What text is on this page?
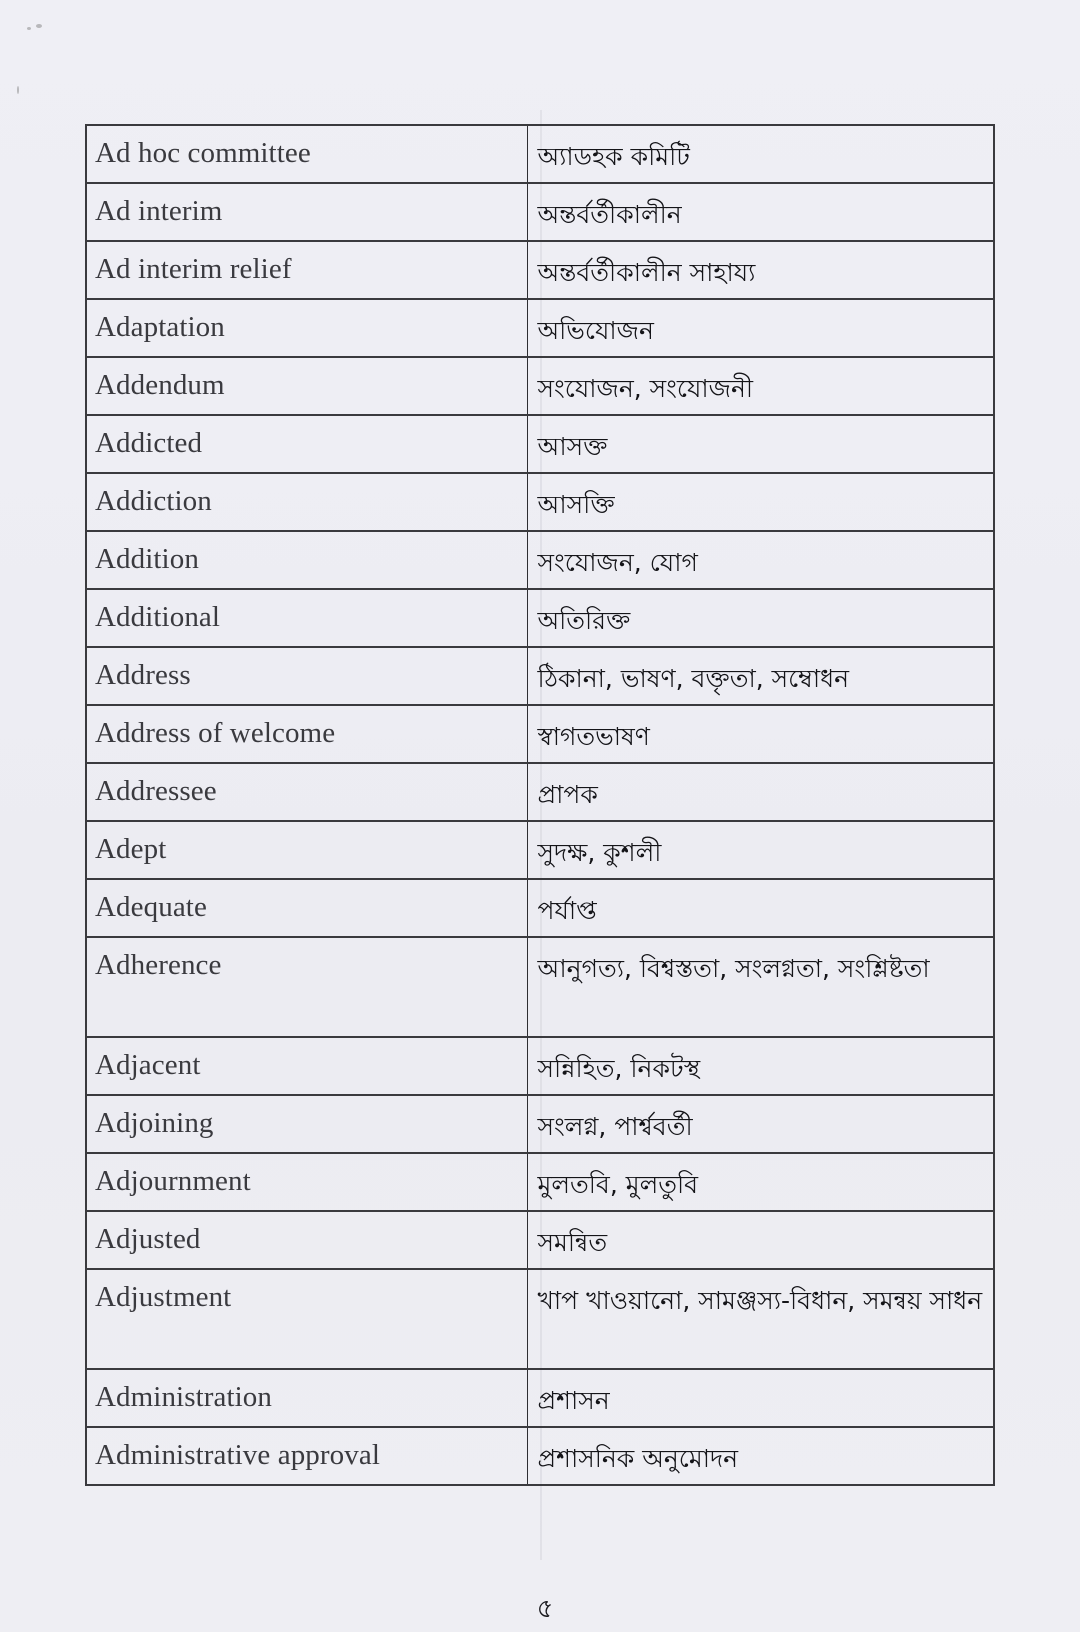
Ad hoc committee	অ্যাডহক কমিটি
Ad interim	অন্তর্বর্তীকালীন
Ad interim relief	অন্তর্বর্তীকালীন সাহায্য
Adaptation	অভিযোজন
Addendum	সংযোজন, সংযোজনী
Addicted	আসক্ত
Addiction	আসক্তি
Addition	সংযোজন, যোগ
Additional	অতিরিক্ত
Address	ঠিকানা, ভাষণ, বক্তৃতা, সম্বোধন
Address of welcome	স্বাগতভাষণ
Addressee	প্রাপক
Adept	সুদক্ষ, কুশলী
Adequate	পর্যাপ্ত
Adherence	আনুগত্য, বিশ্বস্ততা, সংলগ্নতা, সংশ্লিষ্টতা
Adjacent	সন্নিহিত, নিকটস্থ
Adjoining	সংলগ্ন, পার্শ্ববর্তী
Adjournment	মুলতবি, মুলতুবি
Adjusted	সমন্বিত
Adjustment	খাপ খাওয়ানো, সামঞ্জস্য-বিধান, সমন্বয় সাধন
Administration	প্রশাসন
Administrative approval	প্রশাসনিক অনুমোদন
৫
